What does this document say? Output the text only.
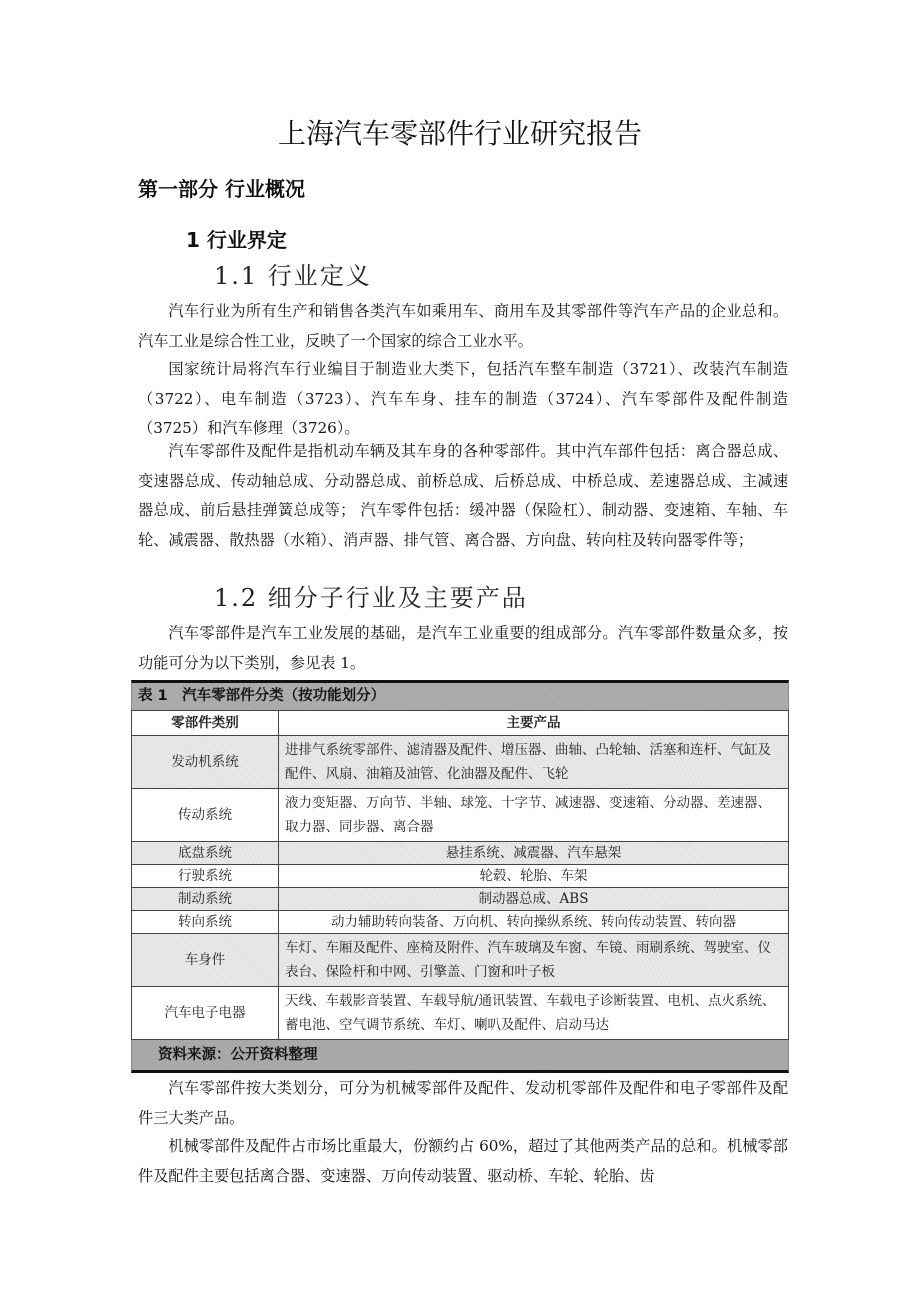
上海汽车零部件行业研究报告
第一部分 行业概况
1 行业界定
1.1 行业定义

汽车行业为所有生产和销售各类汽车如乘用车、商用车及其零部件等汽车产品的企业总和。汽车工业是综合性工业，反映了一个国家的综合工业水平。

国家统计局将汽车行业编目于制造业大类下，包括汽车整车制造（3721）、改装汽车制造（3722）、电车制造（3723）、汽车车身、挂车的制造（3724）、汽车零部件及配件制造（3725）和汽车修理（3726）。

汽车零部件及配件是指机动车辆及其车身的各种零部件。其中汽车部件包括：离合器总成、变速器总成、传动轴总成、分动器总成、前桥总成、后桥总成、中桥总成、差速器总成、主减速器总成、前后悬挂弹簧总成等； 汽车零件包括：缓冲器（保险杠）、制动器、变速箱、车轴、车轮、减震器、散热器（水箱）、消声器、排气管、离合器、方向盘、转向柱及转向器零件等；

1.2 细分子行业及主要产品

汽车零部件是汽车工业发展的基础，是汽车工业重要的组成部分。汽车零部件数量众多，按功能可分为以下类别，参见表 1。

表 1　汽车零部件分类（按功能划分）
零部件类别	主要产品
发动机系统	进排气系统零部件、滤清器及配件、增压器、曲轴、凸轮轴、活塞和连杆、气缸及配件、风扇、油箱及油管、化油器及配件、飞轮
传动系统	液力变矩器、万向节、半轴、球笼、十字节、减速器、变速箱、分动器、差速器、取力器、同步器、离合器
底盘系统	悬挂系统、减震器、汽车悬架
行驶系统	轮毂、轮胎、车架
制动系统	制动器总成、ABS
转向系统	动力辅助转向装备、万向机、转向操纵系统、转向传动装置、转向器
车身件	车灯、车厢及配件、座椅及附件、汽车玻璃及车窗、车镜、雨刷系统、驾驶室、仪表台、保险杆和中网、引擎盖、门窗和叶子板
汽车电子电器	天线、车载影音装置、车载导航/通讯装置、车载电子诊断装置、电机、点火系统、蓄电池、空气调节系统、车灯、喇叭及配件、启动马达
资料来源：公开资料整理

汽车零部件按大类划分，可分为机械零部件及配件、发动机零部件及配件和电子零部件及配件三大类产品。

机械零部件及配件占市场比重最大，份额约占 60%，超过了其他两类产品的总和。机械零部件及配件主要包括离合器、变速器、万向传动装置、驱动桥、车轮、轮胎、齿
